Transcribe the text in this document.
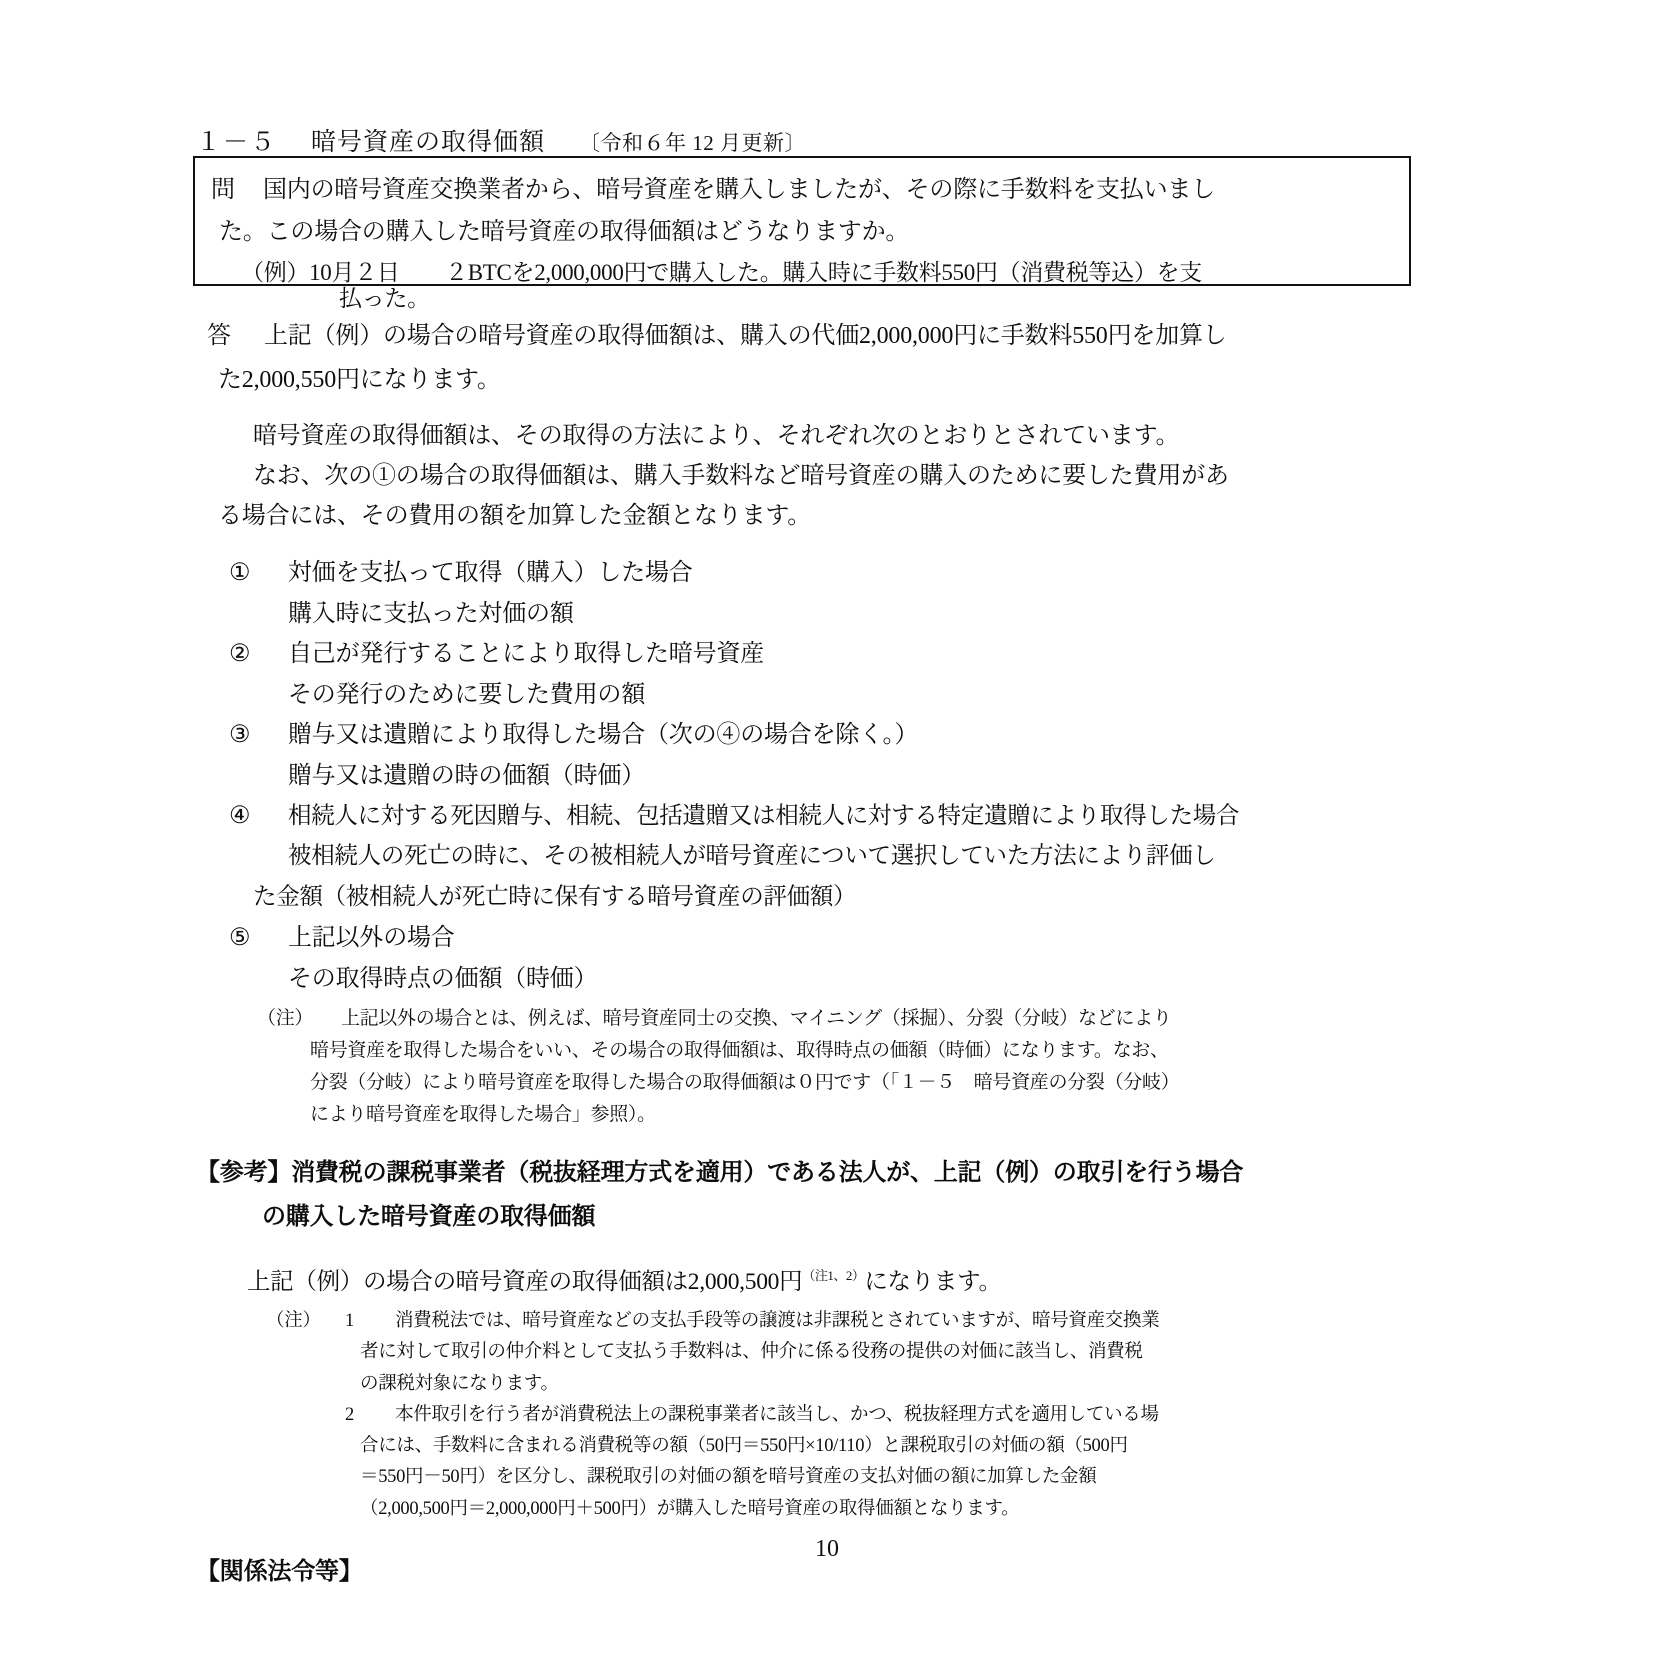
１－５ 暗号資産の取得価額 〔令和６年 12 月更新〕
問 国内の暗号資産交換業者から、暗号資産を購入しましたが、その際に手数料を支払いまし
た。この場合の購入した暗号資産の取得価額はどうなりますか。
（例）10月２日　　２BTCを2,000,000円で購入した。購入時に手数料550円（消費税等込）を支
払った。
答 上記（例）の場合の暗号資産の取得価額は、購入の代価2,000,000円に手数料550円を加算し
た2,000,550円になります。
暗号資産の取得価額は、その取得の方法により、それぞれ次のとおりとされています。
なお、次の①の場合の取得価額は、購入手数料など暗号資産の購入のために要した費用があ
る場合には、その費用の額を加算した金額となります。
① 対価を支払って取得（購入）した場合
購入時に支払った対価の額
② 自己が発行することにより取得した暗号資産
その発行のために要した費用の額
③ 贈与又は遺贈により取得した場合（次の④の場合を除く。）
贈与又は遺贈の時の価額（時価）
④ 相続人に対する死因贈与、相続、包括遺贈又は相続人に対する特定遺贈により取得した場合
被相続人の死亡の時に、その被相続人が暗号資産について選択していた方法により評価し
た金額（被相続人が死亡時に保有する暗号資産の評価額）
⑤ 上記以外の場合
その取得時点の価額（時価）
（注） 上記以外の場合とは、例えば、暗号資産同士の交換、マイニング（採掘）、分裂（分岐）などにより
暗号資産を取得した場合をいい、その場合の取得価額は、取得時点の価額（時価）になります。なお、
分裂（分岐）により暗号資産を取得した場合の取得価額は０円です（「１－５　暗号資産の分裂（分岐）
により暗号資産を取得した場合」参照）。
【参考】消費税の課税事業者（税抜経理方式を適用）である法人が、上記（例）の取引を行う場合
の購入した暗号資産の取得価額
上記（例）の場合の暗号資産の取得価額は2,000,500円$^{(注1、2)}$になります。
（注） 1 消費税法では、暗号資産などの支払手段等の譲渡は非課税とされていますが、暗号資産交換業
者に対して取引の仲介料として支払う手数料は、仲介に係る役務の提供の対価に該当し、消費税
の課税対象になります。
2 本件取引を行う者が消費税法上の課税事業者に該当し、かつ、税抜経理方式を適用している場
合には、手数料に含まれる消費税等の額（50円＝550円×10/110）と課税取引の対価の額（500円
＝550円－50円）を区分し、課税取引の対価の額を暗号資産の支払対価の額に加算した金額
（2,000,500円＝2,000,000円＋500円）が購入した暗号資産の取得価額となります。
【関係法令等】
10
